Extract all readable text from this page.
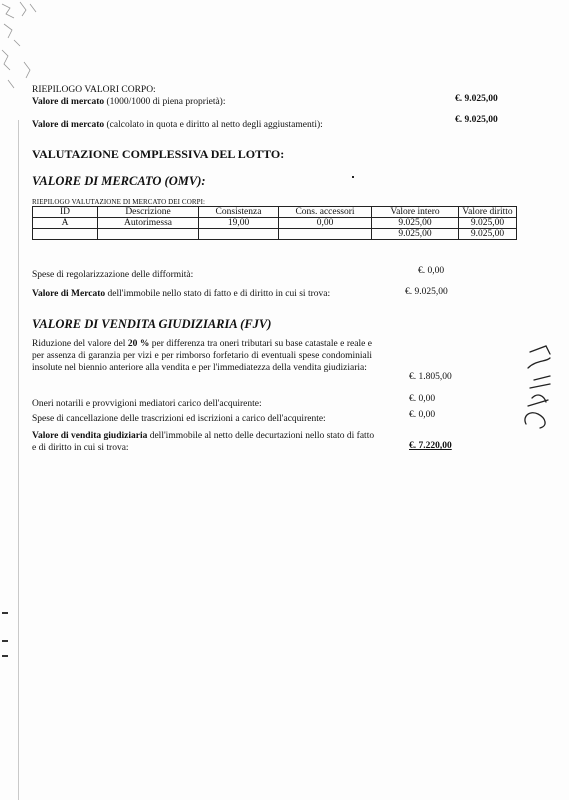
RIEPILOGO VALORI CORPO:
Valore di mercato (1000/1000 di piena proprietà):	€. 9.025,00
Valore di mercato (calcolato in quota e diritto al netto degli aggiustamenti):	€. 9.025,00
VALUTAZIONE COMPLESSIVA DEL LOTTO:
VALORE DI MERCATO (OMV):
RIEPILOGO VALUTAZIONE DI MERCATO DEI CORPI:
ID	Descrizione	Consistenza	Cons. accessori	Valore intero	Valore diritto
A	Autorimessa	19,00	0,00	9.025,00	9.025,00
				9.025,00	9.025,00
Spese di regolarizzazione delle difformità:	€. 0,00
Valore di Mercato dell'immobile nello stato di fatto e di diritto in cui si trova:	€. 9.025,00
VALORE DI VENDITA GIUDIZIARIA (FJV)
Riduzione del valore del 20 % per differenza tra oneri tributari su base catastale e reale e per assenza di garanzia per vizi e per rimborso forfetario di eventuali spese condominiali insolute nel biennio anteriore alla vendita e per l'immediatezza della vendita giudiziaria:
€. 1.805,00
Oneri notarili e provvigioni mediatori carico dell'acquirente:	€. 0,00
Spese di cancellazione delle trascrizioni ed iscrizioni a carico dell'acquirente:	€. 0,00
Valore di vendita giudiziaria dell'immobile al netto delle decurtazioni nello stato di fatto e di diritto in cui si trova:	€. 7.220,00
